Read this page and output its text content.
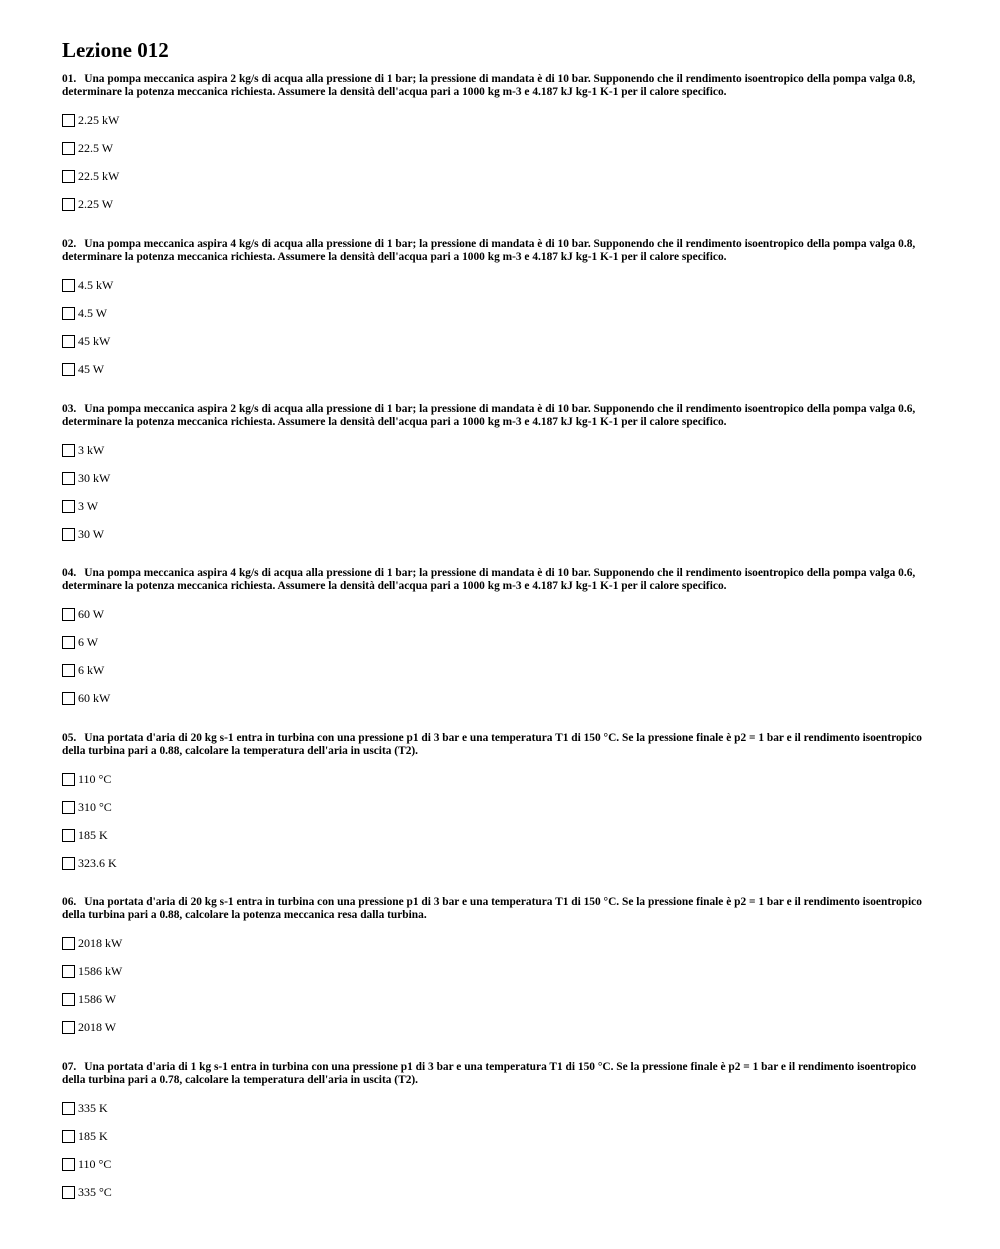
Lezione 012

01. Una pompa meccanica aspira 2 kg/s di acqua alla pressione di 1 bar; la pressione di mandata è di 10 bar. Supponendo che il rendimento isoentropico della pompa valga 0.8, determinare la potenza meccanica richiesta. Assumere la densità dell'acqua pari a 1000 kg m-3 e 4.187 kJ kg-1 K-1 per il calore specifico.

2.25 kW
22.5 W
22.5 kW
2.25 W

02. Una pompa meccanica aspira 4 kg/s di acqua alla pressione di 1 bar; la pressione di mandata è di 10 bar. Supponendo che il rendimento isoentropico della pompa valga 0.8, determinare la potenza meccanica richiesta. Assumere la densità dell'acqua pari a 1000 kg m-3 e 4.187 kJ kg-1 K-1 per il calore specifico.

4.5 kW
4.5 W
45 kW
45 W

03. Una pompa meccanica aspira 2 kg/s di acqua alla pressione di 1 bar; la pressione di mandata è di 10 bar. Supponendo che il rendimento isoentropico della pompa valga 0.6, determinare la potenza meccanica richiesta. Assumere la densità dell'acqua pari a 1000 kg m-3 e 4.187 kJ kg-1 K-1 per il calore specifico.

3 kW
30 kW
3 W
30 W

04. Una pompa meccanica aspira 4 kg/s di acqua alla pressione di 1 bar; la pressione di mandata è di 10 bar. Supponendo che il rendimento isoentropico della pompa valga 0.6, determinare la potenza meccanica richiesta. Assumere la densità dell'acqua pari a 1000 kg m-3 e 4.187 kJ kg-1 K-1 per il calore specifico.

60 W
6 W
6 kW
60 kW

05. Una portata d'aria di 20 kg s-1 entra in turbina con una pressione p1 di 3 bar e una temperatura T1 di 150 °C. Se la pressione finale è p2 = 1 bar e il rendimento isoentropico della turbina pari a 0.88, calcolare la temperatura dell'aria in uscita (T2).

110 °C
310 °C
185 K
323.6 K

06. Una portata d'aria di 20 kg s-1 entra in turbina con una pressione p1 di 3 bar e una temperatura T1 di 150 °C. Se la pressione finale è p2 = 1 bar e il rendimento isoentropico della turbina pari a 0.88, calcolare la potenza meccanica resa dalla turbina.

2018 kW
1586 kW
1586 W
2018 W

07. Una portata d'aria di 1 kg s-1 entra in turbina con una pressione p1 di 3 bar e una temperatura T1 di 150 °C. Se la pressione finale è p2 = 1 bar e il rendimento isoentropico della turbina pari a 0.78, calcolare la temperatura dell'aria in uscita (T2).

335 K
185 K
110 °C
335 °C
